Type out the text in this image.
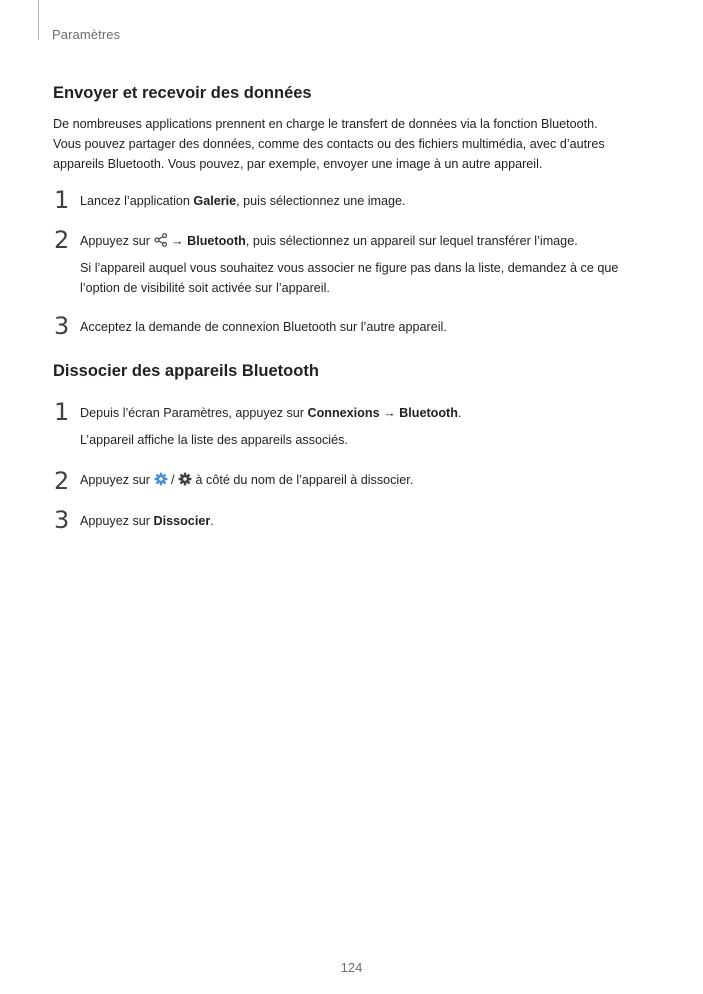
Paramètres
Envoyer et recevoir des données
De nombreuses applications prennent en charge le transfert de données via la fonction Bluetooth.
Vous pouvez partager des données, comme des contacts ou des fichiers multimédia, avec d’autres
appareils Bluetooth. Vous pouvez, par exemple, envoyer une image à un autre appareil.
1 Lancez l’application Galerie, puis sélectionnez une image.
2 Appuyez sur  → Bluetooth, puis sélectionnez un appareil sur lequel transférer l’image.
Si l’appareil auquel vous souhaitez vous associer ne figure pas dans la liste, demandez à ce que
l’option de visibilité soit activée sur l’appareil.
3 Acceptez la demande de connexion Bluetooth sur l’autre appareil.
Dissocier des appareils Bluetooth
1 Depuis l’écran Paramètres, appuyez sur Connexions → Bluetooth.
L’appareil affiche la liste des appareils associés.
2 Appuyez sur  /  à côté du nom de l’appareil à dissocier.
3 Appuyez sur Dissocier.
124
